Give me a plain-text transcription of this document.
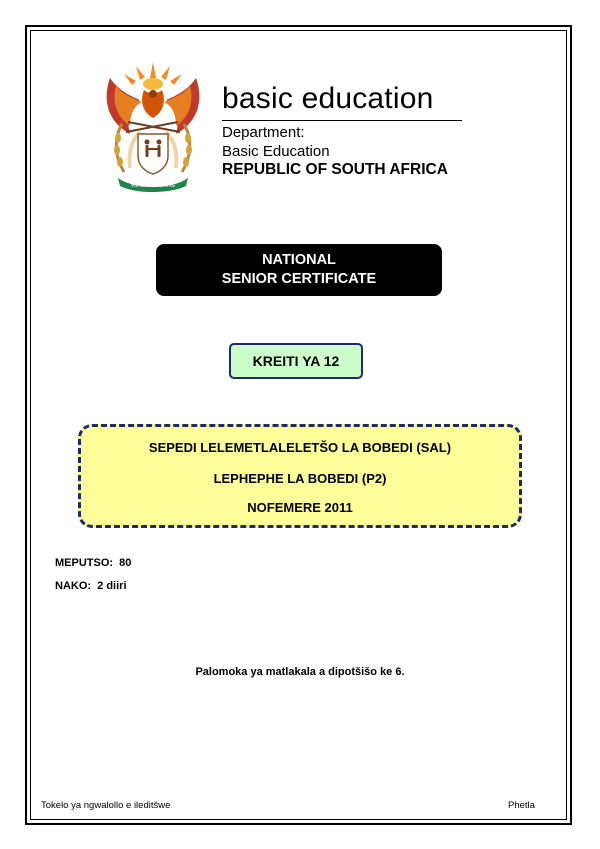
!KE E: /XARRA //KE
basic education
Department:
Basic Education
REPUBLIC OF SOUTH AFRICA
NATIONAL
SENIOR CERTIFICATE
KREITI YA 12
SEPEDI LELEMETLALELETŠO LA BOBEDI (SAL)
LEPHEPHE LA BOBEDI (P2)
NOFEMERE 2011
MEPUTSO:  80
NAKO:  2 diiri
Palomoka ya matlakala a dipotšišo ke 6.
Tokelo ya ngwalollo e ileditšwe	Phetla
